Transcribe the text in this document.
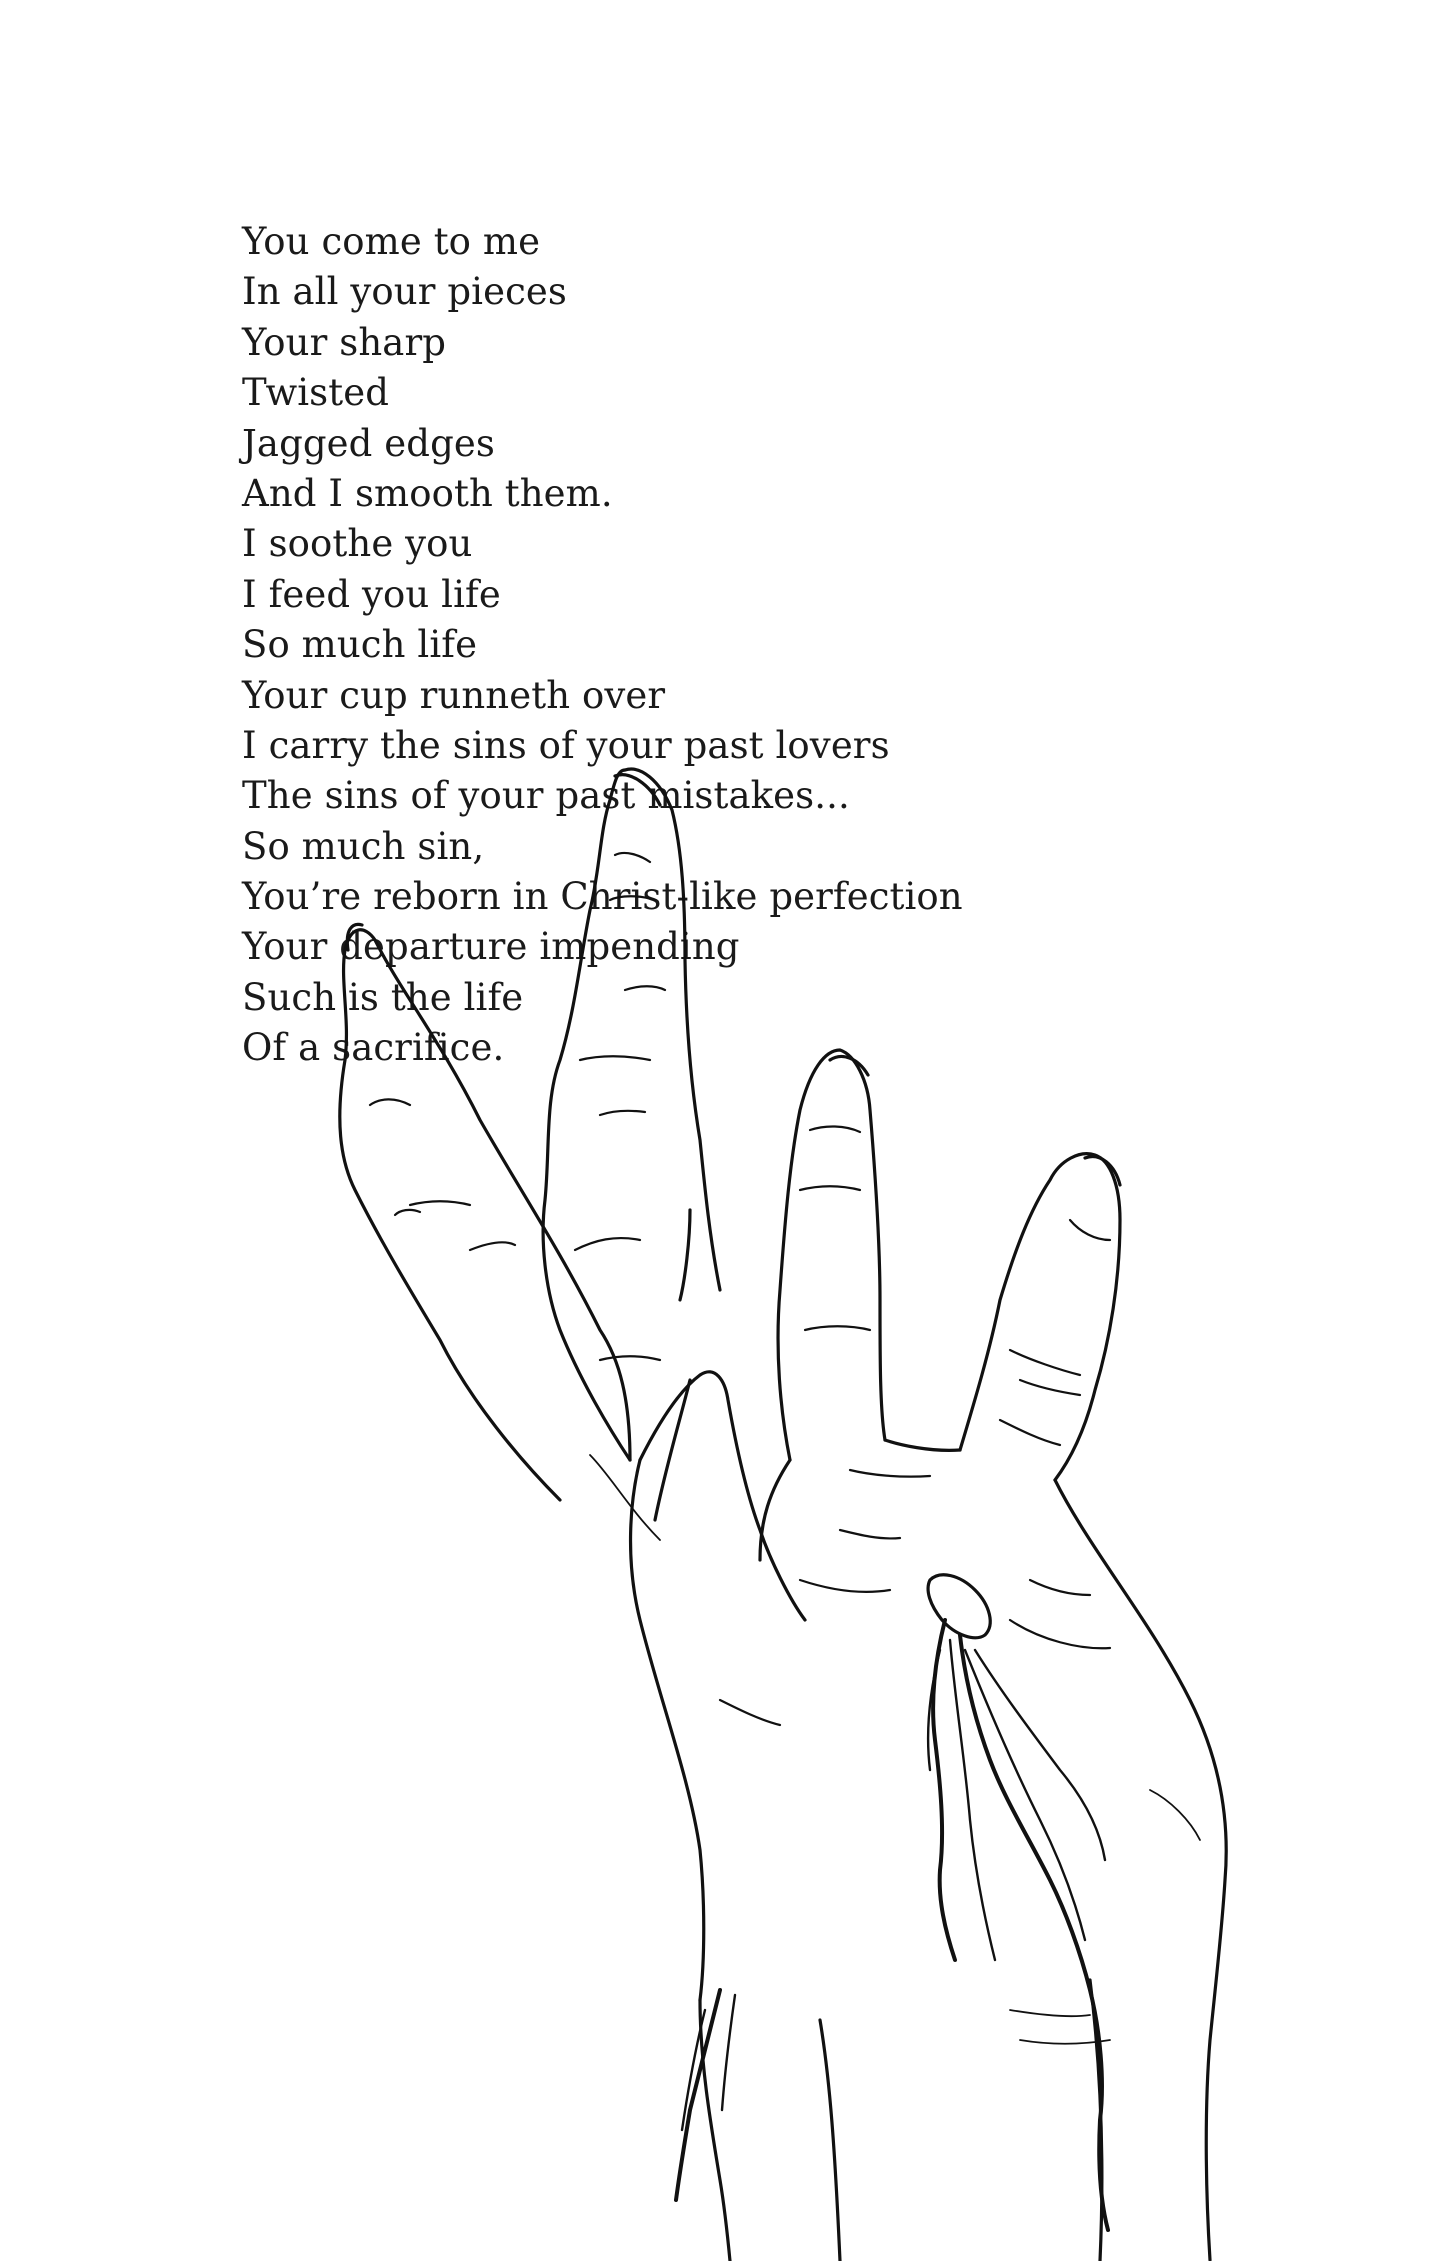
You come to me
In all your pieces
Your sharp
Twisted
Jagged edges
And I smooth them.
I soothe you
I feed you life
So much life
Your cup runneth over
I carry the sins of your past lovers
The sins of your past mistakes...
So much sin,
You’re reborn in Christ-like perfection
Your departure impending
Such is the life
Of a sacrifice.
